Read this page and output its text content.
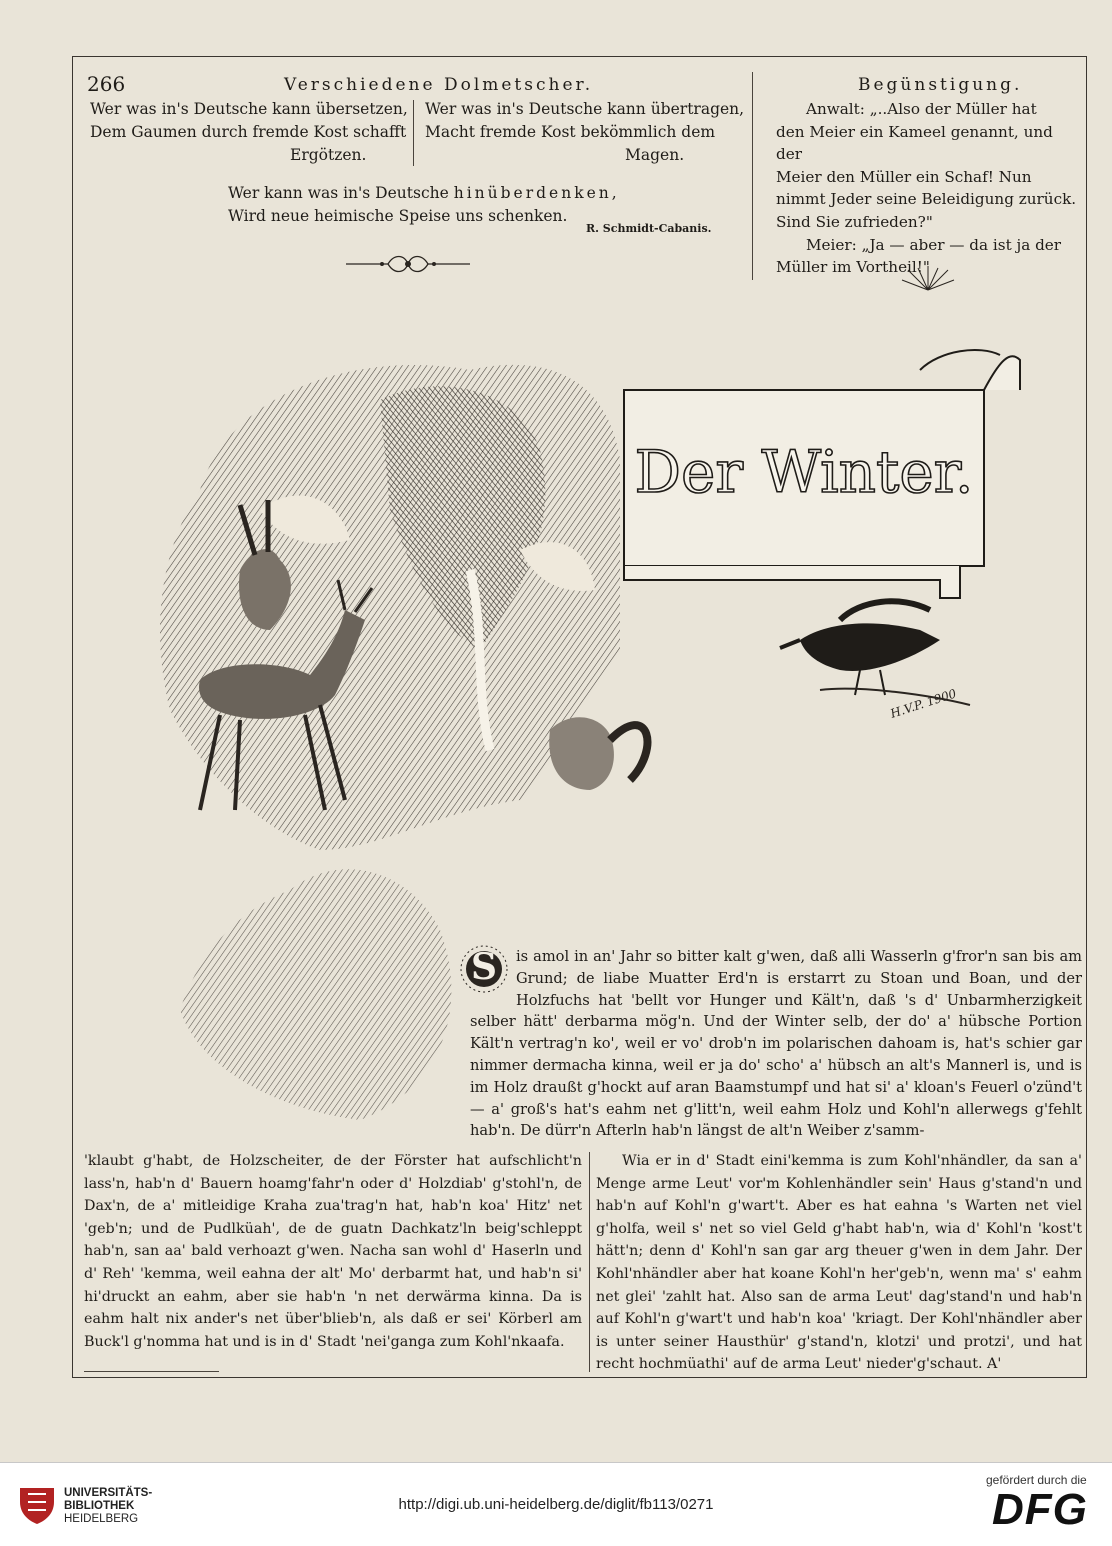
266	Verschiedene Dolmetscher.	Begünstigung.
Wer was in's Deutsche kann übersetzen,
Dem Gaumen durch fremde Kost schafft
Ergötzen.
Wer was in's Deutsche kann übertragen,
Macht fremde Kost bekömmlich dem
Magen.
Wer kann was in's Deutsche hinüberdenken,
Wird neue heimische Speise uns schenken.
R. Schmidt-Cabanis.
Anwalt: „..Also der Müller hat
den Meier ein Kameel genannt, und der
Meier den Müller ein Schaf! Nun
nimmt Jeder seine Beleidigung zurück.
Sind Sie zufrieden?"
Meier: „Ja — aber — da ist ja der
Müller im Vortheil!"
Der Winter.
H.V.P. 1900
S	is amol in an' Jahr so bitter kalt g'wen, daß alli Wasserln g'fror'n san bis am Grund; de liabe Muatter Erd'n is erstarrt zu Stoan und Boan, und der Holzfuchs hat 'bellt vor Hunger und Kält'n, daß 's d' Unbarmherzigkeit selber hätt' derbarma mög'n. Und der Winter selb, der do' a' hübsche Portion Kält'n vertrag'n ko', weil er vo' drob'n im polarischen dahoam is, hat's schier gar nimmer dermacha kinna, weil er ja do' scho' a' hübsch an alt's Mannerl is, und is im Holz draußt g'hockt auf aran Baamstumpf und hat si' a' kloan's Feuerl o'zünd't — a' groß's hat's eahm net g'litt'n, weil eahm Holz und Kohl'n allerwegs g'fehlt hab'n. De dürr'n Afterln hab'n längst de alt'n Weiber z'samm-

'klaubt g'habt, de Holzscheiter, de der Förster hat aufschlicht'n lass'n, hab'n d' Bauern hoamg'fahr'n oder d' Holzdiab' g'stohl'n, de Dax'n, de a' mitleidige Kraha zua'trag'n hat, hab'n koa' Hitz' net 'geb'n; und de Pudlküah', de de guatn Dachkatz'ln beig'schleppt hab'n, san aa' bald verhoazt g'wen. Nacha san wohl d' Haserln und d' Reh' 'kemma, weil eahna der alt' Mo' derbarmt hat, und hab'n si' hi'druckt an eahm, aber sie hab'n 'n net derwärma kinna. Da is eahm halt nix ander's net über'blieb'n, als daß er sei' Körberl am Buck'l g'nomma hat und is in d' Stadt 'nei'ganga zum Kohl'nkaafa.

Wia er in d' Stadt eini'kemma is zum Kohl'nhändler, da san a' Menge arme Leut' vor'm Kohlenhändler sein' Haus g'stand'n und hab'n auf Kohl'n g'wart't. Aber es hat eahna 's Warten net viel g'holfa, weil s' net so viel Geld g'habt hab'n, wia d' Kohl'n 'kost't hätt'n; denn d' Kohl'n san gar arg theuer g'wen in dem Jahr. Der Kohl'nhändler aber hat koane Kohl'n her'geb'n, wenn ma' s' eahm net glei' 'zahlt hat. Also san de arma Leut' dag'stand'n und hab'n auf Kohl'n g'wart't und hab'n koa' 'kriagt. Der Kohl'nhändler aber is unter seiner Hausthür' g'stand'n, klotzi' und protzi', und hat recht hochmüathi' auf de arma Leut' nieder'g'schaut. A'

UNIVERSITÄTS-
BIBLIOTHEK
HEIDELBERG
http://digi.ub.uni-heidelberg.de/diglit/fb113/0271
gefördert durch die
DFG
